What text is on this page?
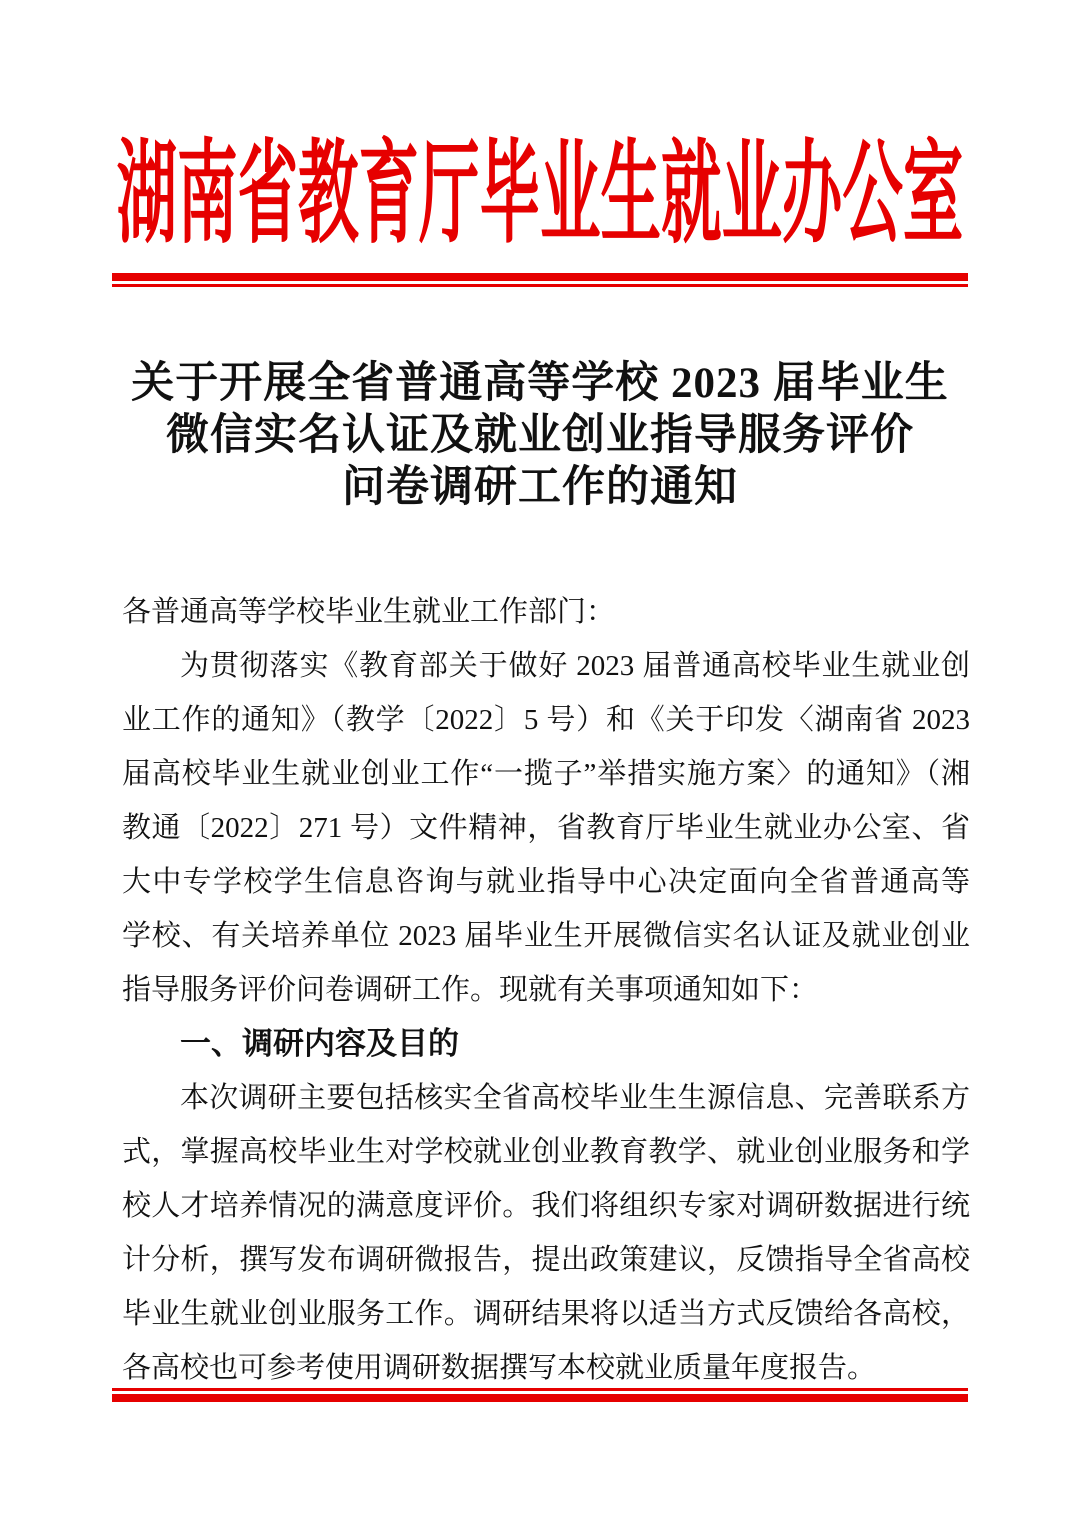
湖南省教育厅毕业生就业办公室
关于开展全省普通高等学校 2023 届毕业生
微信实名认证及就业创业指导服务评价
问卷调研工作的通知
各普通高等学校毕业生就业工作部门：
为贯彻落实《教育部关于做好 2023 届普通高校毕业生就业创
业工作的通知》（教学〔2022〕5 号）和《关于印发〈湖南省 2023
届高校毕业生就业创业工作“一揽子”举措实施方案〉的通知》（湘
教通〔2022〕271 号）文件精神，省教育厅毕业生就业办公室、省
大中专学校学生信息咨询与就业指导中心决定面向全省普通高等
学校、有关培养单位 2023 届毕业生开展微信实名认证及就业创业
指导服务评价问卷调研工作。现就有关事项通知如下：
一、调研内容及目的
本次调研主要包括核实全省高校毕业生生源信息、完善联系方
式，掌握高校毕业生对学校就业创业教育教学、就业创业服务和学
校人才培养情况的满意度评价。我们将组织专家对调研数据进行统
计分析，撰写发布调研微报告，提出政策建议，反馈指导全省高校
毕业生就业创业服务工作。调研结果将以适当方式反馈给各高校，
各高校也可参考使用调研数据撰写本校就业质量年度报告。
